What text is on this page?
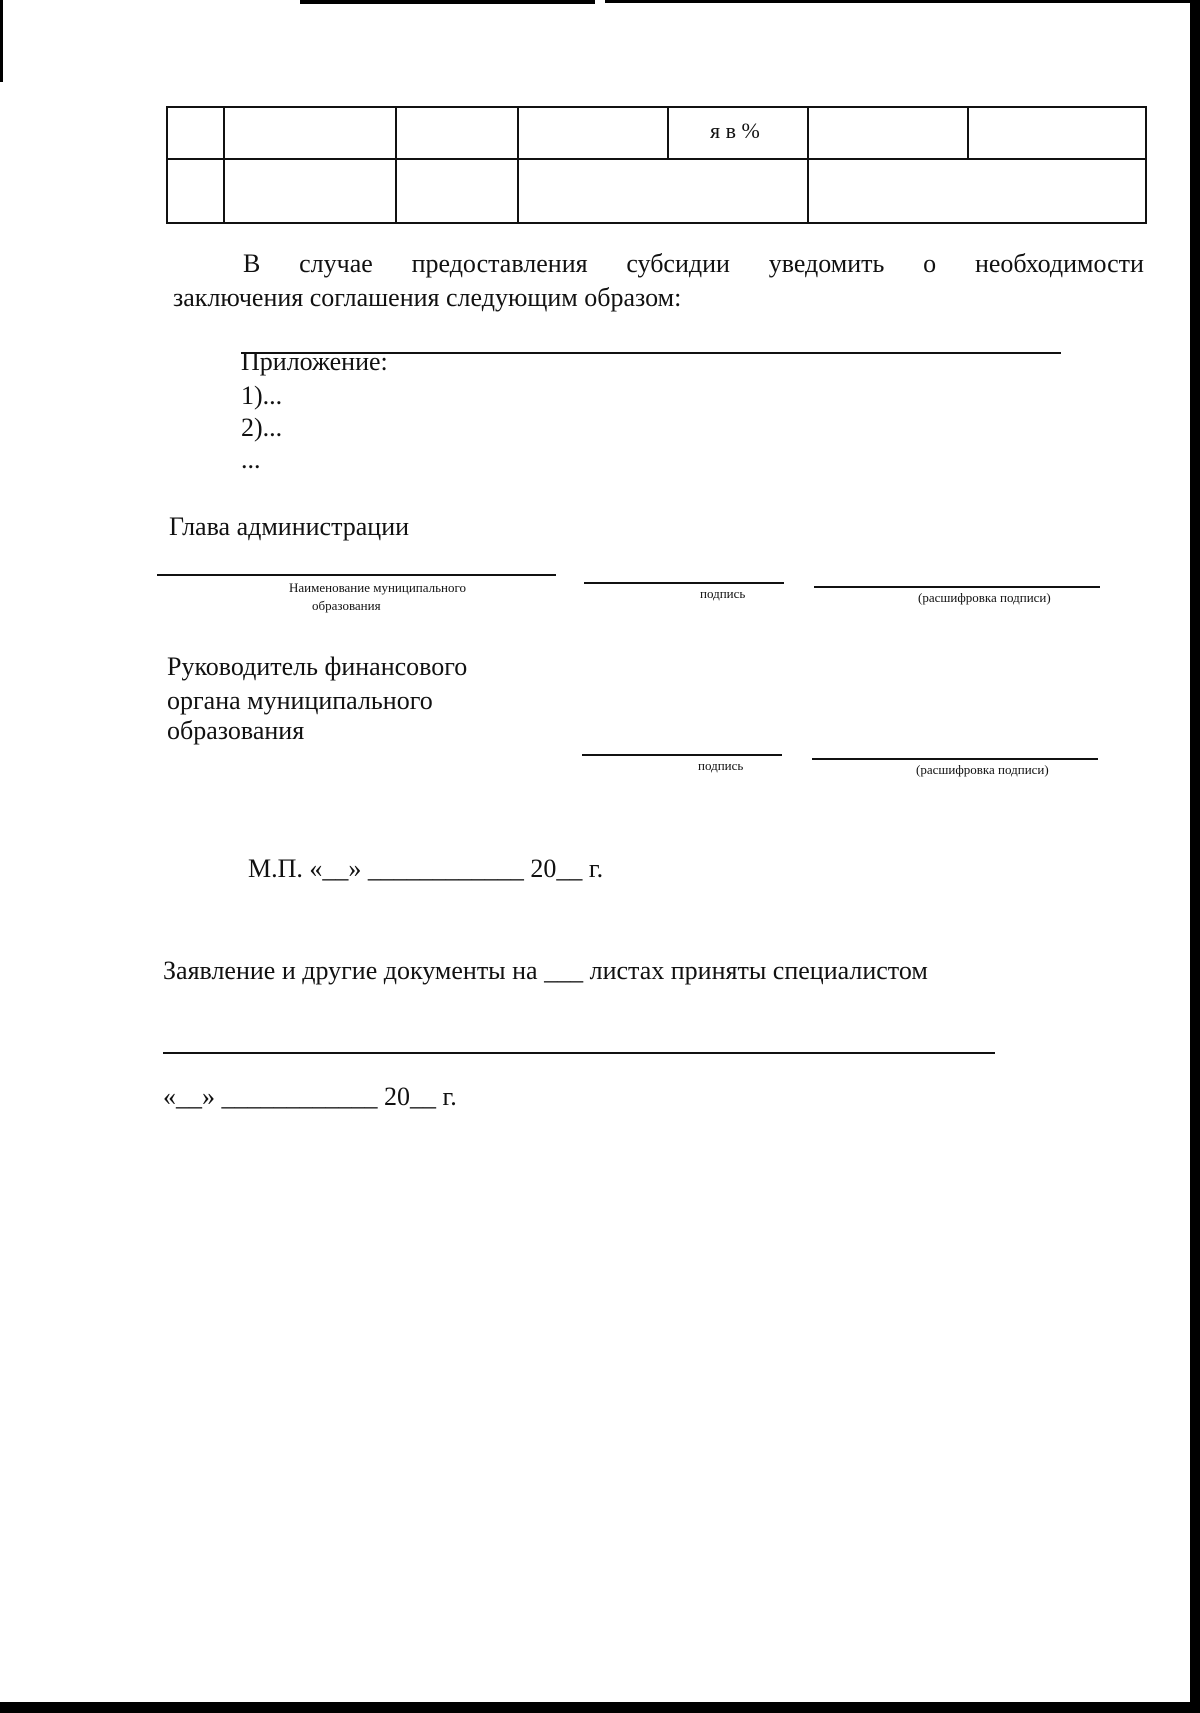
я в %
В случае предоставления субсидии уведомить о необходимости
заключения соглашения следующим образом:
Приложение:
1)...
2)...
...
Глава администрации
Наименование муниципального
образования
подпись	(расшифровка подписи)
Руководитель финансового
органа муниципального
образования
подпись	(расшифровка подписи)
М.П. «__» ____________ 20__ г.
Заявление и другие документы на ___ листах приняты специалистом
«__» ____________ 20__ г.
